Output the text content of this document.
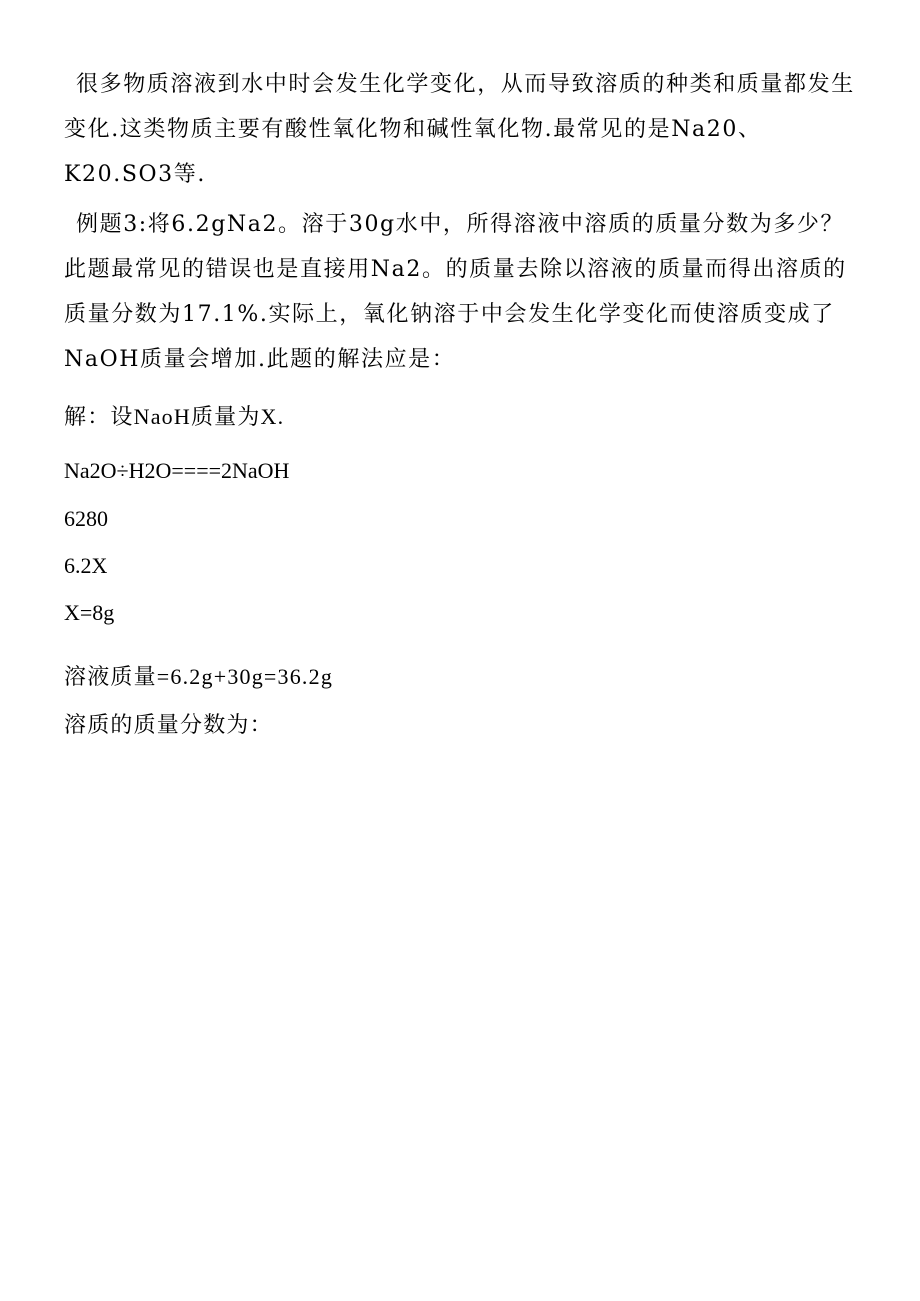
很多物质溶液到水中时会发生化学变化，从而导致溶质的种类和质量都发生变化.这类物质主要有酸性氧化物和碱性氧化物.最常见的是Na20、K20.SO3等.

例题3:将6.2gNa2。溶于30g水中，所得溶液中溶质的质量分数为多少？此题最常见的错误也是直接用Na2。的质量去除以溶液的质量而得出溶质的质量分数为17.1%.实际上，氧化钠溶于中会发生化学变化而使溶质变成了NaOH质量会增加.此题的解法应是：

解：设NaoH质量为X.

Na2O÷H2O====2NaOH

6280

6.2X

X=8g

溶液质量=6.2g+30g=36.2g

溶质的质量分数为：
